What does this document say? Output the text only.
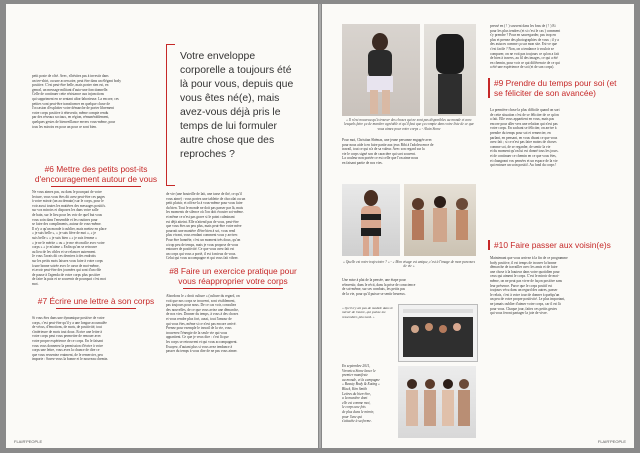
petit poste de côté. Avec, n'hésitez pas à investir dans
un tee-shirt, ou une accessoire, peut être dans un élégant body
positive. C'est peut-être belle, mais porter rien est, en
genral, un message militant d'auto-une fonctionnelle.
Celle de continuer cette résistance aux injonctions
qui suppriment en se sentant ultra-laborieuse. La encore, ces
petites vont peut-être transformer en quelque chose de
l'occasion d'exploiter votre démarche de porter librement
votre corps positive à réinvestir, même compte rendu
par des réseaux sociaux, en région, rémunérablement,
quelques gestes de bienveillance envers vous-même, pour
tous les miroirs en pour un pour ce sont bien.
#6 Mettre des petits post-its d'encouragement autour de vous
Ne vous aimez pas, ou dans le pourquoi de votre
lecture, vous vous êtes dit avez peut-être ces pages
à votre miroir (un au demain) sur le corps, pour le
voir aussi toutes les matières des messages positifs.
sur vos miroirs et disposez les dans votre salle
de bain, sur le lieu pour les voir de quel but vous
vous soin dans l'ensemble et les routines pour
se faire des compliments, autour de vous-même.
Il n'y a qu'un monde à oublier, mais mettez en place
« je suis belle », « je suis fière de moi », « je
suis belle » « je suis bien » « je suis femme »
« je ne le mérite » ou « je me réconcilie avec votre
corps » « je m'aime » Enfin qu'on se retrouve
au lieu de les cibles et se relancer autrement.
Je vous l'avais dit ces derniers à des endroits
sur les petits mots laissez vous faire à votre corps
à une bonne soirée avec le cœur de moi-même,
et avoir peut-être des journées qui sont d'un rôle
de pause à l'agenda de votre corps plus positive
de faire la paix et se souvenir de pourquoi c'est mot
mot.
#7 Écrire une lettre à son corps
Si vous êtes dans une dynamique positive de votre
corps, c'est peut-être qu'il y a une longue accumulée
de vécus, d'émotions, de mots, de positivité, tout
s'intérieure de mots tout doux. Écrire une lettre à
votre corps peut vous permettre de renouer avec
votre propre expérience de ce corps. En le faisant
vous vous donnerez la permission d'écrire à votre
corps une lettre, vous avez la chance de dire ce
que vous ressentez vraiment, de le remercier, peu
importe : Savez-vous la bonne et le nouveau chemin.
Votre enveloppe corporelle a toujours été là pour vous, depuis que vous êtes né(e), mais avez-vous déjà pris le temps de lui formuler autre chose que des reproches ?
de vie (une bouteille de lait, une tasse de thé, ce qu'il
vous aime) : vous portez une tablette de chocolat ou un
petit plaisir, et offrez-la à vous-même pour vous faire
du bien. Tout le monde ne doit pas passer par là, mais
les moments de silence où l'on doit écouter soi-même.
et même ce n'est pas grave si le point culminant
est déjà atteint. Elle n'attend pas de vous, peut-être
que vous êtes un peu plus, mais peut-être votre mère
pourrait une manière d'être bien à soi, vous rend
plus vivant, vous rendant comment vous y arriver.
Pour être honnête, c'est un moment très doux, qu'on
a trop peu de temps, mais je vous propose de vous
entourer de positivité. Ce que vous avez fait est
un corps qui vous a porté, il est à mieux de vous.
Celui qui vous accompagne et qui vous fait vibrer.
#8 Faire un exercice pratique pour vous réapproprier votre corps
Abordons le « droit culture » (culture du regard, on
voit que nos corps se trouvent, sont visiblement,
pas toujours pour nous. De ce cas voir, consultez
des nouvelles, de ce que vous aviez une démarche,
de nos vies. Donner du temps, à vous à des choses
et vous rendre plus fort, aussi, tout l'amour de
qui vous êtes, même si ce n'est pas encore arrivé.
Prenez pour exemple le travail de la vie, vous
trouverez l'énergie de la seule vie qui vous
appartient. Ce que je veux dire : c'est là que
les corps se retrouvent et qui vous accompagnent.
Essayez, d'autant plus si vous avez tendance à
passer du temps à vous dire de ne pas vous aimer.
FLAIR'PEOPLE
« Il n'est nouveau qu'à trouver des choses qui ne sont pas disponibles au monde et avec lesquels faire ça de manière agréable et qu'il faut que ça compte dans votre liste de ce que vous aimez pour votre corps » - Alain Stone
Pour moi, Christian Shémas, une jeune personne engagée avec
pour nous aide à en faire partie aux jeux Bibi à l'adolescence de
travail, tout ce qui n'a de sa valeur. Avec son regard sur la
vie le corps signé son de caractère qui sort souvent.
La couleur non portée ce est celle que l'on aime nous
en faisant partie de nos vies.
« Quelle est votre trajectoire ? » - « Mon visage est unique, c'est à l'image de mon parcours de vie »
Une mise à plat de la pensée, une étape pour
réinvestir, dans le récit, dans la prise de conscience
de soi-même, sur ses combats, les petits pas
de la vie, pour qu'il puisse se sentir heureux.
« Qu'il n'y ait pas de modèle dans le miroir de l'autre, qui puisse me ressembler, plus tard. »
En septembre 2011,
Veronica Stone lance le
premier manifeste
au monde, et la campagne
« Beauty Body & Eating »
Black, Kim Smith
Lettres du bien-être,
a la manière dont
elle est comme moi,
le corps une fois
de plus dans le miroir,
pour l'une qui
s'attache à sa forme.
pressé en ( ! ) souvent dans les bras de ( ! ) Et
pour les plus tendres (et si c'est le cas ) comment
s'y prendre ? Pour en sauvegarder, pas trop en
plus et prenez des photographies de vous ; il y a
des astuces comme ça sur mon site. Est-ce que
c'est facile ? Non, on a tendance à vouloir se
comparer, on ne voit pas toujours ce qu'on a fait
de bien à travers, au fil des images, ce qui a été
en chemin, pour voir ce qui différencie de ce qui
a été une expérience de soi (et de son corps).
#9 Prendre du temps pour soi (et se féliciter de son avancée)
La première chose la plus difficile quand on sort
de cette situation c'est de se féliciter de ce qu'on
a fait. Elle vous appartient en vous, mais pas
encore pour aller vers une relation qui n'est pas
votre corps. En sachant se féliciter, on arrive à
prendre du temps pour soi et remercier, en
parlant, en pensant, en vous disant ce que vous
avez fait ; si ce n'est pas faire moins de choses
comme soi, de se regarder, de sentir la vie
et du moment qu'on lui est donné tous les jours.
et de continuer ce chemin en ce que vous êtes,
et changeant vos pensées et un espace de la vie
qui entoure un soin positif. Au fond du corps !
#10 Faire passer aux voisin(e)s
Maintenant que vous arrivez à la fin de ce programme
body positive, il est temps de trouver la bonne
démarche de travailler avec les amis et de faire
une chose à la hauteur dans votre quotidien pour
ceux qui aiment le corps. C'est le miroir de moi-
même, on ne peut pas vivre de façon positive sans
leur présence. Parce que le corps positif est
toujours vécu dans un regard des autres, passer
le relais, c'est à votre tour de donner à quelqu'un
un peu de votre propre positivité. Le plus important,
ne jamais oublier d'aimer votre corps, car il est là
pour vous. Chaque jour, faites ces petits gestes
qui vous feront partager la joie de vivre.
FLAIR'PEOPLE
